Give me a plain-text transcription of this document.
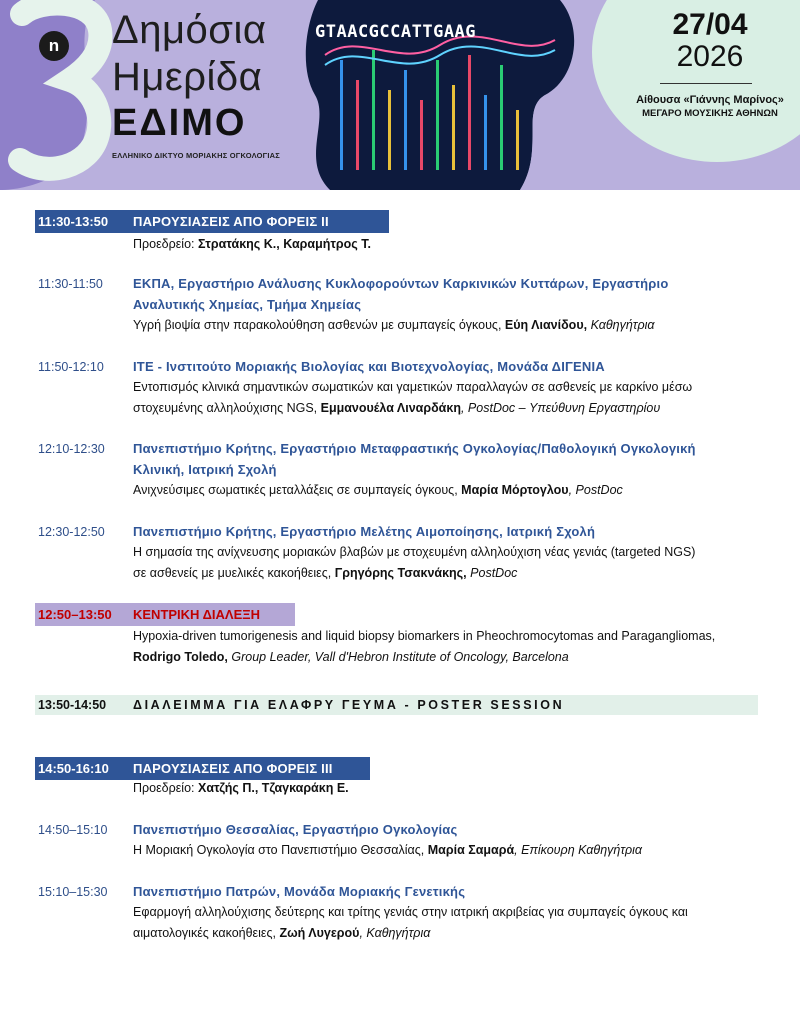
GTAACGCCATTGAAG
n Δημόσια
Ημερίδα
ΕΔΙΜΟ
ΕΛΛΗΝΙΚΟ ΔΙΚΤΥΟ ΜΟΡΙΑΚΗΣ ΟΓΚΟΛΟΓΙΑΣ
27/04
2026
Αίθουσα «Γιάννης Μαρίνος»
ΜΕΓΑΡΟ ΜΟΥΣΙΚΗΣ ΑΘΗΝΩΝ
11:30-13:50 ΠΑΡΟΥΣΙΑΣΕΙΣ ΑΠΟ ΦΟΡΕΙΣ ΙΙ
Προεδρείο: Στρατάκης Κ., Καραμήτρος Τ.
11:30-11:50 ΕΚΠΑ, Εργαστήριο Ανάλυσης Κυκλοφορούντων Καρκινικών Κυττάρων, Εργαστήριο
Αναλυτικής Χημείας, Τμήμα Χημείας
Υγρή βιοψία στην παρακολούθηση ασθενών με συμπαγείς όγκους, Εύη Λιανίδου, Καθηγήτρια
11:50-12:10 ΙΤΕ - Ινστιτούτο Μοριακής Βιολογίας και Βιοτεχνολογίας, Μονάδα ΔΙΓΕΝΙΑ
Εντοπισμός κλινικά σημαντικών σωματικών και γαμετικών παραλλαγών σε ασθενείς με καρκίνο μέσω
στοχευμένης αλληλούχισης NGS, Εμμανουέλα Λιναρδάκη, PostDoc – Υπεύθυνη Εργαστηρίου
12:10-12:30 Πανεπιστήμιο Κρήτης, Εργαστήριο Μεταφραστικής Ογκολογίας/Παθολογική Ογκολογική
Κλινική, Ιατρική Σχολή
Ανιχνεύσιμες σωματικές μεταλλάξεις σε συμπαγείς όγκους, Μαρία Μόρτογλου, PostDoc
12:30-12:50 Πανεπιστήμιο Κρήτης, Εργαστήριο Μελέτης Αιμοποίησης, Ιατρική Σχολή
Η σημασία της ανίχνευσης μοριακών βλαβών με στοχευμένη αλληλούχιση νέας γενιάς (targeted NGS)
σε ασθενείς με μυελικές κακοήθειες, Γρηγόρης Τσακνάκης, PostDoc
12:50–13:50 ΚΕΝΤΡΙΚΗ ΔΙΑΛΕΞΗ
Hypoxia-driven tumorigenesis and liquid biopsy biomarkers in Pheochromocytomas and Paragangliomas,
Rodrigo Toledo, Group Leader, Vall d'Hebron Institute of Oncology, Barcelona
13:50-14:50 ΔΙΑΛΕΙΜΜΑ ΓΙΑ ΕΛΑΦΡΥ ΓΕΥΜΑ - POSTER SESSION
14:50-16:10 ΠΑΡΟΥΣΙΑΣΕΙΣ ΑΠΟ ΦΟΡΕΙΣ ΙΙΙ
Προεδρείο: Χατζής Π., Τζαγκαράκη Ε.
14:50–15:10 Πανεπιστήμιο Θεσσαλίας, Εργαστήριο Ογκολογίας
Η Μοριακή Ογκολογία στο Πανεπιστήμιο Θεσσαλίας, Μαρία Σαμαρά, Επίκουρη Καθηγήτρια
15:10–15:30 Πανεπιστήμιο Πατρών, Μονάδα Μοριακής Γενετικής
Εφαρμογή αλληλούχισης δεύτερης και τρίτης γενιάς στην ιατρική ακριβείας για συμπαγείς όγκους και
αιματολογικές κακοήθειες, Ζωή Λυγερού, Καθηγήτρια
